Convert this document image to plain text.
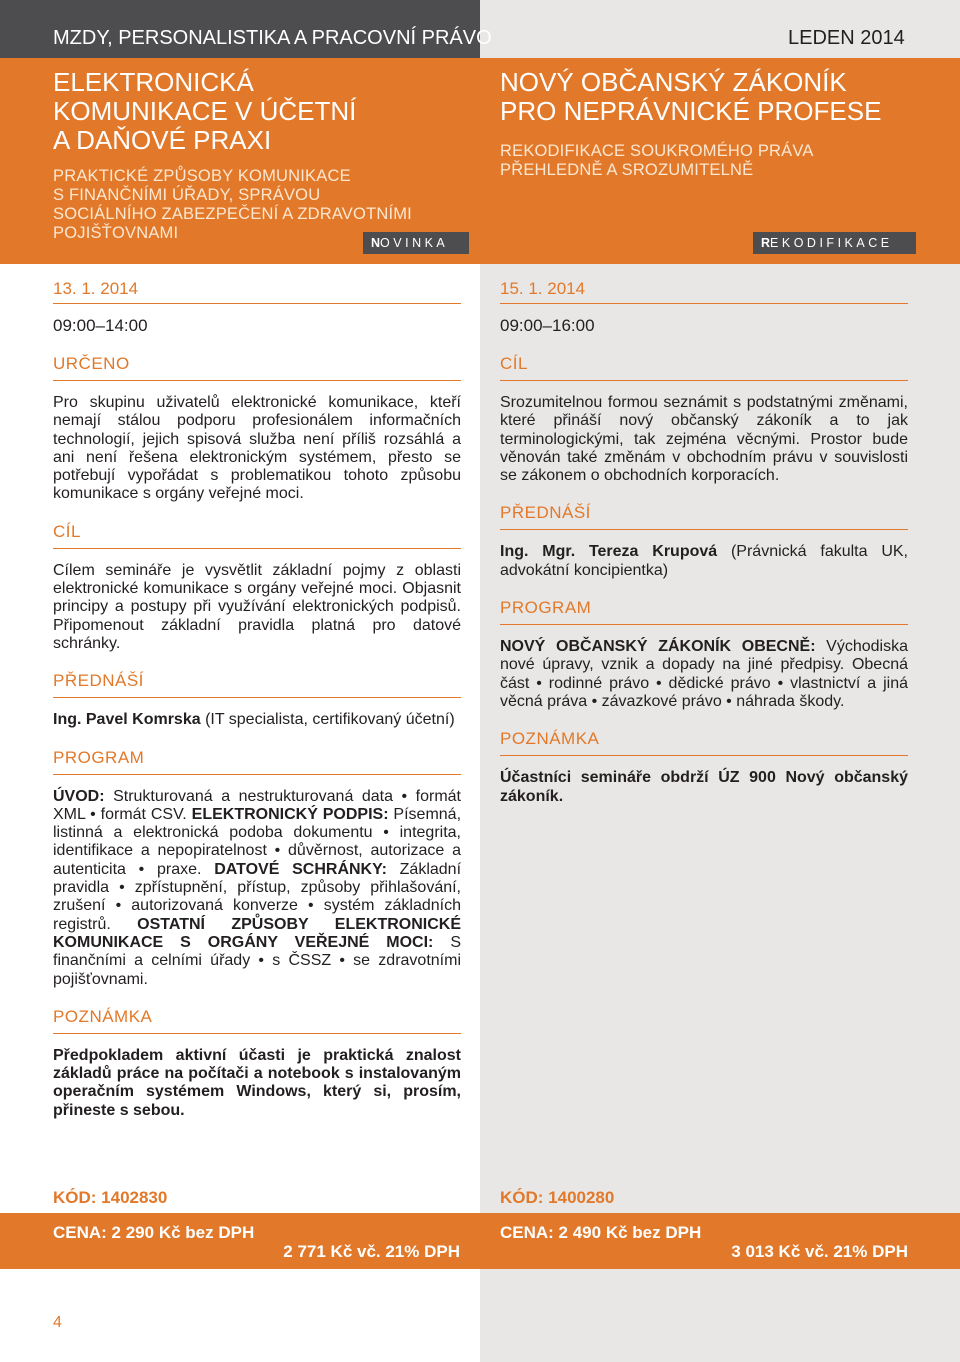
MZDY, PERSONALISTIKA A PRACOVNÍ PRÁVO	LEDEN 2014
ELEKTRONICKÁ
KOMUNIKACE V ÚČETNÍ
A DAŇOVÉ PRAXI

PRAKTICKÉ ZPŮSOBY KOMUNIKACE
S FINANČNÍMI ÚŘADY, SPRÁVOU
SOCIÁLNÍHO ZABEZPEČENÍ A ZDRAVOTNÍMI
POJIŠŤOVNAMI

NOVINKA
NOVÝ OBČANSKÝ ZÁKONÍK
PRO NEPRÁVNICKÉ PROFESE

REKODIFIKACE SOUKROMÉHO PRÁVA
PŘEHLEDNĚ A SROZUMITELNĚ

REKODIFIKACE
13. 1. 2014
09:00–14:00
URČENO
Pro skupinu uživatelů elektronické komunikace, kteří nemají stálou podporu profesionálem informačních technologií, jejich spisová služba není příliš rozsáhlá a ani není řešena elektronickým systémem, přesto se potřebují vypořádat s problematikou tohoto způsobu komunikace s orgány veřejné moci.
CÍL
Cílem semináře je vysvětlit základní pojmy z oblasti elektronické komunikace s orgány veřejné moci. Objasnit principy a postupy při využívání elektronických podpisů. Připomenout základní pravidla platná pro datové schránky.
PŘEDNÁŠÍ
Ing. Pavel Komrska (IT specialista, certifikovaný účetní)
PROGRAM
ÚVOD: Strukturovaná a nestrukturovaná data • formát XML • formát CSV. ELEKTRONICKÝ PODPIS: Písemná, listinná a elektronická podoba dokumentu • integrita, identifikace a nepopiratelnost • důvěrnost, autorizace a autenticita • praxe. DATOVÉ SCHRÁNKY: Základní pravidla • zpřístupnění, přístup, způsoby přihlašování, zrušení • autorizovaná konverze • systém základních registrů. OSTATNÍ ZPŮSOBY ELEKTRONICKÉ KOMUNIKACE S ORGÁNY VEŘEJNÉ MOCI: S finančními a celními úřady • s ČSSZ • se zdravotními pojišťovnami.
POZNÁMKA
Předpokladem aktivní účasti je praktická znalost základů práce na počítači a notebook s instalovaným operačním systémem Windows, který si, prosím, přineste s sebou.
15. 1. 2014
09:00–16:00
CÍL
Srozumitelnou formou seznámit s podstatnými změnami, které přináší nový občanský zákoník a to jak terminologickými, tak zejména věcnými. Prostor bude věnován také změnám v obchodním právu v souvislosti se zákonem o obchodních korporacích.
PŘEDNÁŠÍ
Ing. Mgr. Tereza Krupová (Právnická fakulta UK, advokátní koncipientka)
PROGRAM
NOVÝ OBČANSKÝ ZÁKONÍK OBECNĚ: Východiska nové úpravy, vznik a dopady na jiné předpisy. Obecná část • rodinné právo • dědické právo • vlastnictví a jiná věcná práva • závazkové právo • náhrada škody.
POZNÁMKA
Účastníci semináře obdrží ÚZ 900 Nový občanský zákoník.
KÓD: 1402830	KÓD: 1400280
CENA: 2 290 Kč bez DPH
2 771 Kč vč. 21% DPH
CENA: 2 490 Kč bez DPH
3 013 Kč vč. 21% DPH
4
